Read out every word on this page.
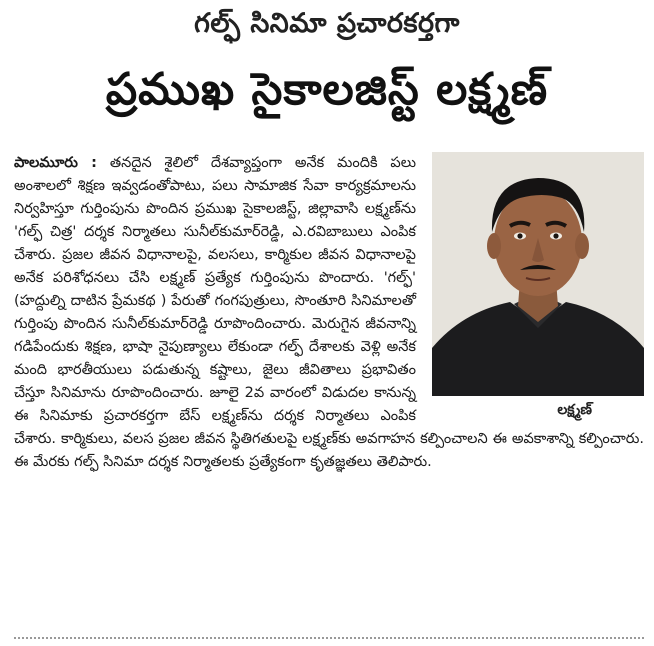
గల్ఫ్ సినిమా ప్రచారకర్తగా
ప్రముఖ సైకాలజిస్ట్ లక్ష్మణ్
లక్ష్మణ్
పాలమూరు : తనదైన శైలిలో దేశవ్యాప్తంగా అనేక మందికి పలు అంశాలలో శిక్షణ ఇవ్వడంతోపాటు, పలు సామాజిక సేవా కార్యక్రమాలను నిర్వహిస్తూ గుర్తింపును పొందిన ప్రముఖ సైకాలజిస్ట్, జిల్లావాసి లక్ష్మణ్‌ను 'గల్ఫ్ చిత్ర' దర్శక నిర్మాతలు సునీల్‌కుమార్‌రెడ్డి, ఎ.రవిబాబులు ఎంపిక చేశారు. ప్రజల జీవన విధానాలపై, వలసలు, కార్మికుల జీవన విధానాలపై అనేక పరిశోధనలు చేసి లక్ష్మణ్ ప్రత్యేక గుర్తింపును పొందారు. 'గల్ఫ్' (హద్దుల్ని దాటిన ప్రేమకథ ) పేరుతో గంగపుత్రులు, సొంతూరి సినిమాలతో గుర్తింపు పొందిన సునీల్‌కుమార్‌రెడ్డి రూపొందించారు. మెరుగైన జీవనాన్ని గడిపేందుకు శిక్షణ, భాషా నైపుణ్యాలు లేకుండా గల్ఫ్ దేశాలకు వెళ్లి అనేక మంది భారతీయులు పడుతున్న కష్టాలు, జైలు జీవితాలు ప్రభావితం చేస్తూ సినిమాను రూపొందించారు. జూలై 2వ వారంలో విడుదల కానున్న ఈ సినిమాకు ప్రచారకర్తగా బేస్ లక్ష్మణ్‌ను దర్శక నిర్మాతలు ఎంపిక చేశారు. కార్మికులు, వలస ప్రజల జీవన స్థితిగతులపై లక్ష్మణ్‌కు అవగాహన కల్పించాలని ఈ అవకాశాన్ని కల్పించారు. ఈ మేరకు గల్ఫ్ సినిమా దర్శక నిర్మాతలకు ప్రత్యేకంగా కృతజ్ఞతలు తెలిపారు.
